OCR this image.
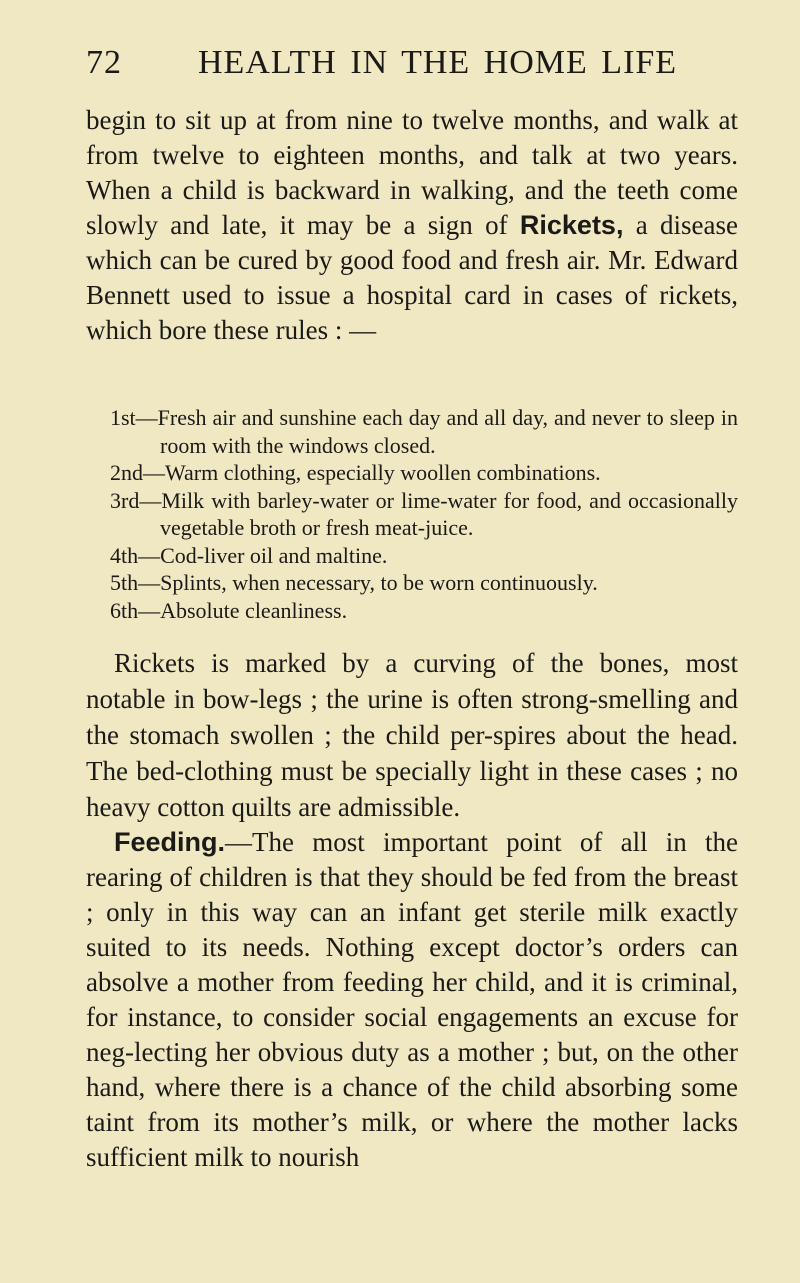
72 HEALTH IN THE HOME LIFE
begin to sit up at from nine to twelve months, and walk at from twelve to eighteen months, and talk at two years. When a child is backward in walking, and the teeth come slowly and late, it may be a sign of Rickets, a disease which can be cured by good food and fresh air. Mr. Edward Bennett used to issue a hospital card in cases of rickets, which bore these rules : —
1st—Fresh air and sunshine each day and all day, and never to sleep in room with the windows closed.
2nd—Warm clothing, especially woollen combinations.
3rd—Milk with barley-water or lime-water for food, and occasionally vegetable broth or fresh meat-juice.
4th—Cod-liver oil and maltine.
5th—Splints, when necessary, to be worn continuously.
6th—Absolute cleanliness.
Rickets is marked by a curving of the bones, most notable in bow-legs ; the urine is often strong-smelling and the stomach swollen ; the child per-spires about the head. The bed-clothing must be specially light in these cases ; no heavy cotton quilts are admissible.
Feeding.—The most important point of all in the rearing of children is that they should be fed from the breast ; only in this way can an infant get sterile milk exactly suited to its needs. Nothing except doctor’s orders can absolve a mother from feeding her child, and it is criminal, for instance, to consider social engagements an excuse for neg-lecting her obvious duty as a mother ; but, on the other hand, where there is a chance of the child absorbing some taint from its mother’s milk, or where the mother lacks sufficient milk to nourish
